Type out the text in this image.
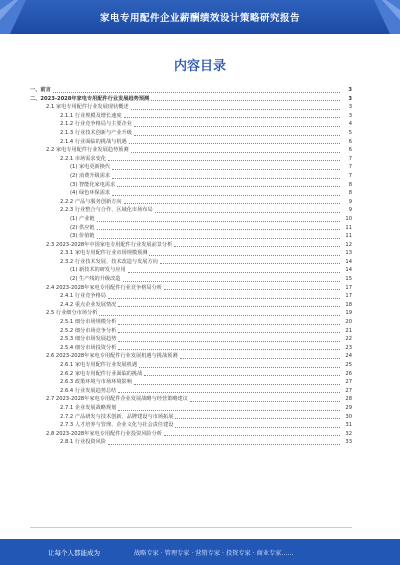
家电专用配件企业薪酬绩效设计策略研究报告
内容目录
一、前言	3
二、2023-2028年家电专用配件行业发展趋势预测	3
2.1 家电专用配件行业发展现状概述	3
2.1.1 行业规模及增长速度	3
2.1.2 行业竞争格局与主要企业	4
2.1.3 行业技术创新与产业升级	5
2.1.4 行业面临的挑战与机遇	6
2.2 家电专用配件行业发展趋势预测	6
2.2.1 市场需求变化	7
(1) 家电更新换代	7
(2) 消费升级需求	7
(3) 智能化家电需求	8
(4) 绿色环保需求	8
2.2.2 产品与服务创新方向	9
2.2.3 行业整合与合作、区域化市场布局	9
(1) 产业链	10
(2) 供应链	11
(3) 价值链	11
2.3 2023-2028年中国家电专用配件行业发展前景分析	12
2.3.1 家电专用配件行业市场规模预测	13
2.3.2 行业技术发展、技术改造与发展方向	14
(1) 新技术的研发与应用	14
(2) 生产线的升级改造	15
2.4 2023-2028年家电专用配件行业竞争格局分析	17
2.4.1 行业竞争格局	17
2.4.2 重点企业发展情况	18
2.5 行业细分市场分析	19
2.5.1 细分市场规模分析	20
2.5.2 细分市场竞争分析	21
2.5.3 细分市场发展趋势	22
2.5.4 细分市场投资分析	23
2.6 2023-2028年家电专用配件行业发展机遇与挑战预测	24
2.6.1 家电专用配件行业发展机遇	25
2.6.2 家电专用配件行业面临的挑战	26
2.6.3 政策环境与市场环境影响	27
2.6.4 行业发展趋势总结	27
2.7 2023-2028年家电专用配件企业发展战略与经营策略建议	28
2.7.1 企业发展战略规划	29
2.7.2 产品研发与技术创新、品牌建设与市场拓展	30
2.7.3 人才培养与管理、企业文化与社会责任建设	31
2.8 2023-2028年家电专用配件行业投资风险分析	32
2.8.1 行业投资风险	33
让每个人都能成为	战略专家 · 管理专家 · 营销专家 · 投资专家 · 商业专家……
